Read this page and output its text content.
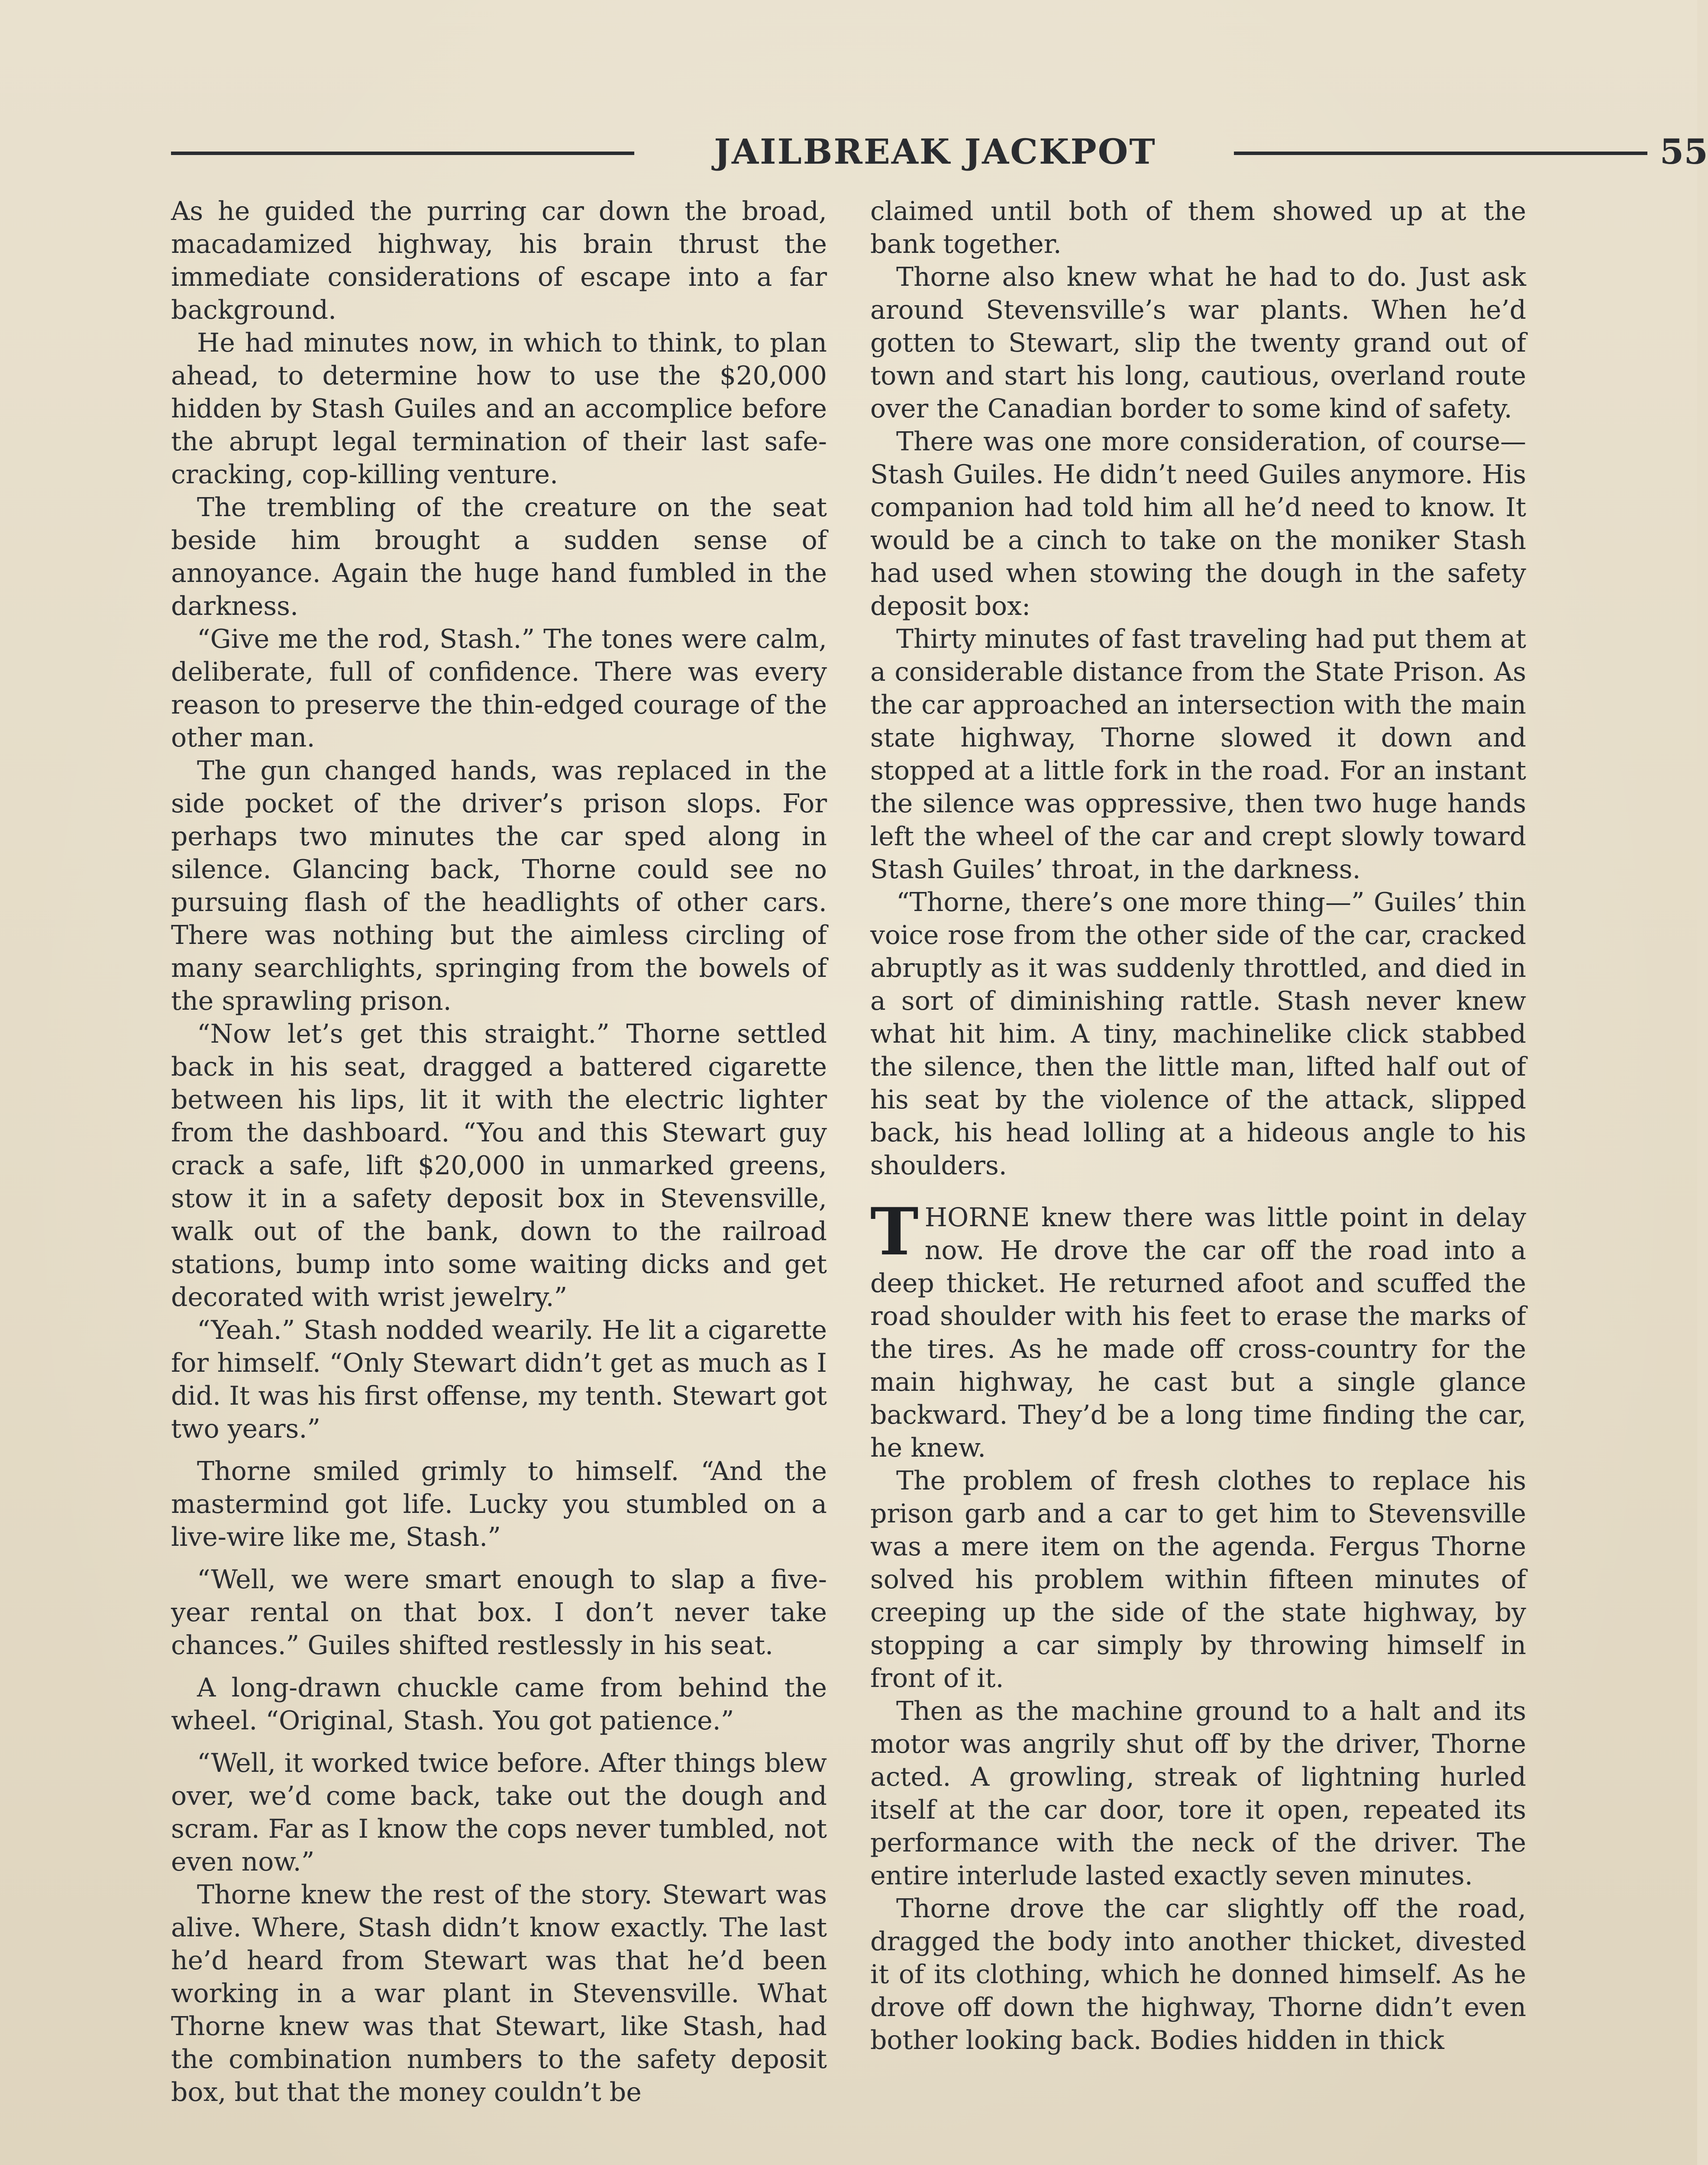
JAILBREAK JACKPOT	55

As he guided the purring car down the broad, macadamized highway, his brain thrust the immediate considerations of escape into a far background.

He had minutes now, in which to think, to plan ahead, to determine how to use the $20,000 hidden by Stash Guiles and an accomplice before the abrupt legal termination of their last safe-cracking, cop-killing venture.

The trembling of the creature on the seat beside him brought a sudden sense of annoyance. Again the huge hand fumbled in the darkness.

“Give me the rod, Stash.” The tones were calm, deliberate, full of confidence. There was every reason to preserve the thin-edged courage of the other man.

The gun changed hands, was replaced in the side pocket of the driver’s prison slops. For perhaps two minutes the car sped along in silence. Glancing back, Thorne could see no pursuing flash of the headlights of other cars. There was nothing but the aimless circling of many searchlights, springing from the bowels of the sprawling prison.

“Now let’s get this straight.” Thorne settled back in his seat, dragged a battered cigarette between his lips, lit it with the electric lighter from the dashboard. “You and this Stewart guy crack a safe, lift $20,000 in unmarked greens, stow it in a safety deposit box in Stevensville, walk out of the bank, down to the railroad stations, bump into some waiting dicks and get decorated with wrist jewelry.”

“Yeah.” Stash nodded wearily. He lit a cigarette for himself. “Only Stewart didn’t get as much as I did. It was his first offense, my tenth. Stewart got two years.”

Thorne smiled grimly to himself. “And the mastermind got life. Lucky you stumbled on a live-wire like me, Stash.”

“Well, we were smart enough to slap a five-year rental on that box. I don’t never take chances.” Guiles shifted restlessly in his seat.

A long-drawn chuckle came from behind the wheel. “Original, Stash. You got patience.”

“Well, it worked twice before. After things blew over, we’d come back, take out the dough and scram. Far as I know the cops never tumbled, not even now.”

Thorne knew the rest of the story. Stewart was alive. Where, Stash didn’t know exactly. The last he’d heard from Stewart was that he’d been working in a war plant in Stevensville. What Thorne knew was that Stewart, like Stash, had the combination numbers to the safety deposit box, but that the money couldn’t be

claimed until both of them showed up at the bank together.

Thorne also knew what he had to do. Just ask around Stevensville’s war plants. When he’d gotten to Stewart, slip the twenty grand out of town and start his long, cautious, overland route over the Canadian border to some kind of safety.

There was one more consideration, of course—Stash Guiles. He didn’t need Guiles anymore. His companion had told him all he’d need to know. It would be a cinch to take on the moniker Stash had used when stowing the dough in the safety deposit box:

Thirty minutes of fast traveling had put them at a considerable distance from the State Prison. As the car approached an intersection with the main state highway, Thorne slowed it down and stopped at a little fork in the road. For an instant the silence was oppressive, then two huge hands left the wheel of the car and crept slowly toward Stash Guiles’ throat, in the darkness.

“Thorne, there’s one more thing—” Guiles’ thin voice rose from the other side of the car, cracked abruptly as it was suddenly throttled, and died in a sort of diminishing rattle. Stash never knew what hit him. A tiny, machinelike click stabbed the silence, then the little man, lifted half out of his seat by the violence of the attack, slipped back, his head lolling at a hideous angle to his shoulders.

THORNE knew there was little point in delay now. He drove the car off the road into a deep thicket. He returned afoot and scuffed the road shoulder with his feet to erase the marks of the tires. As he made off cross-country for the main highway, he cast but a single glance backward. They’d be a long time finding the car, he knew.

The problem of fresh clothes to replace his prison garb and a car to get him to Stevensville was a mere item on the agenda. Fergus Thorne solved his problem within fifteen minutes of creeping up the side of the state highway, by stopping a car simply by throwing himself in front of it.

Then as the machine ground to a halt and its motor was angrily shut off by the driver, Thorne acted. A growling, streak of lightning hurled itself at the car door, tore it open, repeated its performance with the neck of the driver. The entire interlude lasted exactly seven minutes.

Thorne drove the car slightly off the road, dragged the body into another thicket, divested it of its clothing, which he donned himself. As he drove off down the highway, Thorne didn’t even bother looking back. Bodies hidden in thick
